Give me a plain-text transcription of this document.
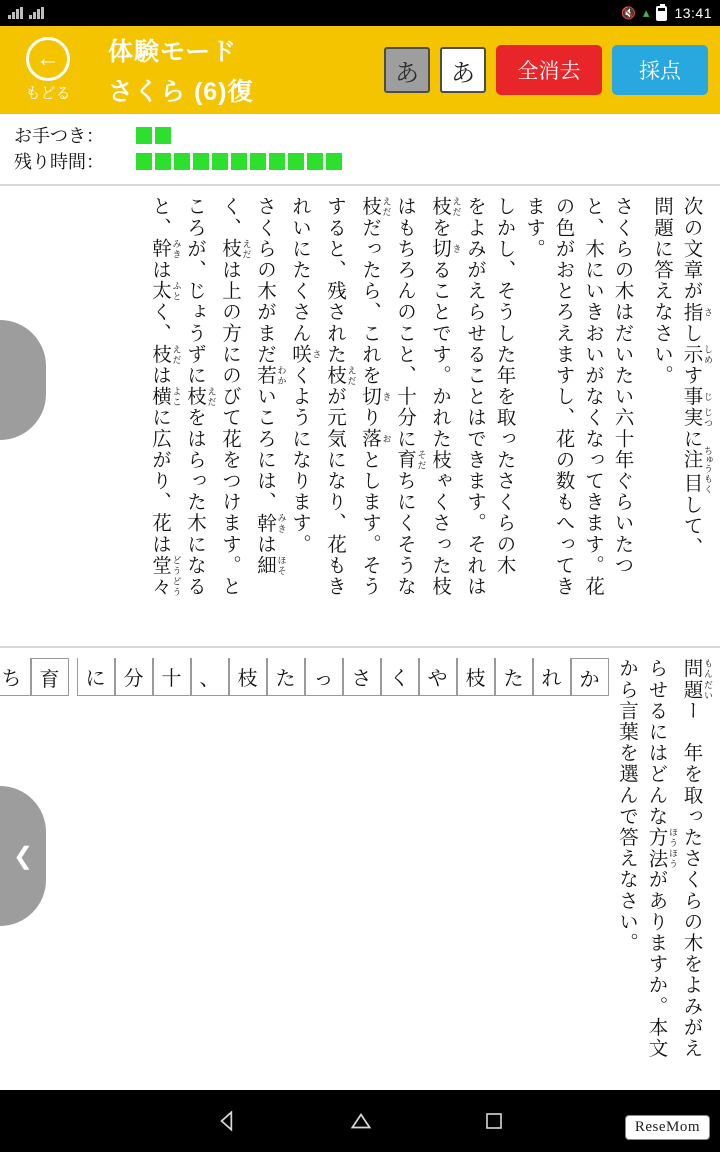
🔇 ▴ 13:41
←
もどる
体験モード
さくら (6)復
あ	あ	全消去	採点
お手つき：
残り時間：
次の文章が指さし示しめす事じ実じつに注ちゅう目もくして、
問題に答えなさい。
さくらの木はだいたい六十年ぐらいたつ
と、木にいきおいがなくなってきます。花
の色がおとろえますし、花の数もへってき
ます。
しかし、そうした年を取ったさくらの木
をよみがえらせることはできます。それは
枝えだを切きることです。かれた枝ゃくさった枝
はもちろんのこと、十分に育そだちにくそうな
枝えだだったら、これを切きり落おとします。そう
すると、残された枝えだが元気になり、花もき
れいにたくさん咲さくようになります。
さくらの木がまだ若わかいころには、幹みきは細ほそ
く、枝えだは上の方にのびて花をつけます。と
ころが、じょうずに枝えだをはらった木になる
と、幹みきは太ふとく、枝えだは横よこに広がり、花は堂々どうどう
問題もんだいー　年を取ったさくらの木をよみがえ
らせるにはどんな方法ほうほうがありますか。本文
から言葉を選んで答えなさい。
か
れ
た
枝
や
く
さ
っ
た
枝
、
十
分
に
育
ち
❮
ReseMom
